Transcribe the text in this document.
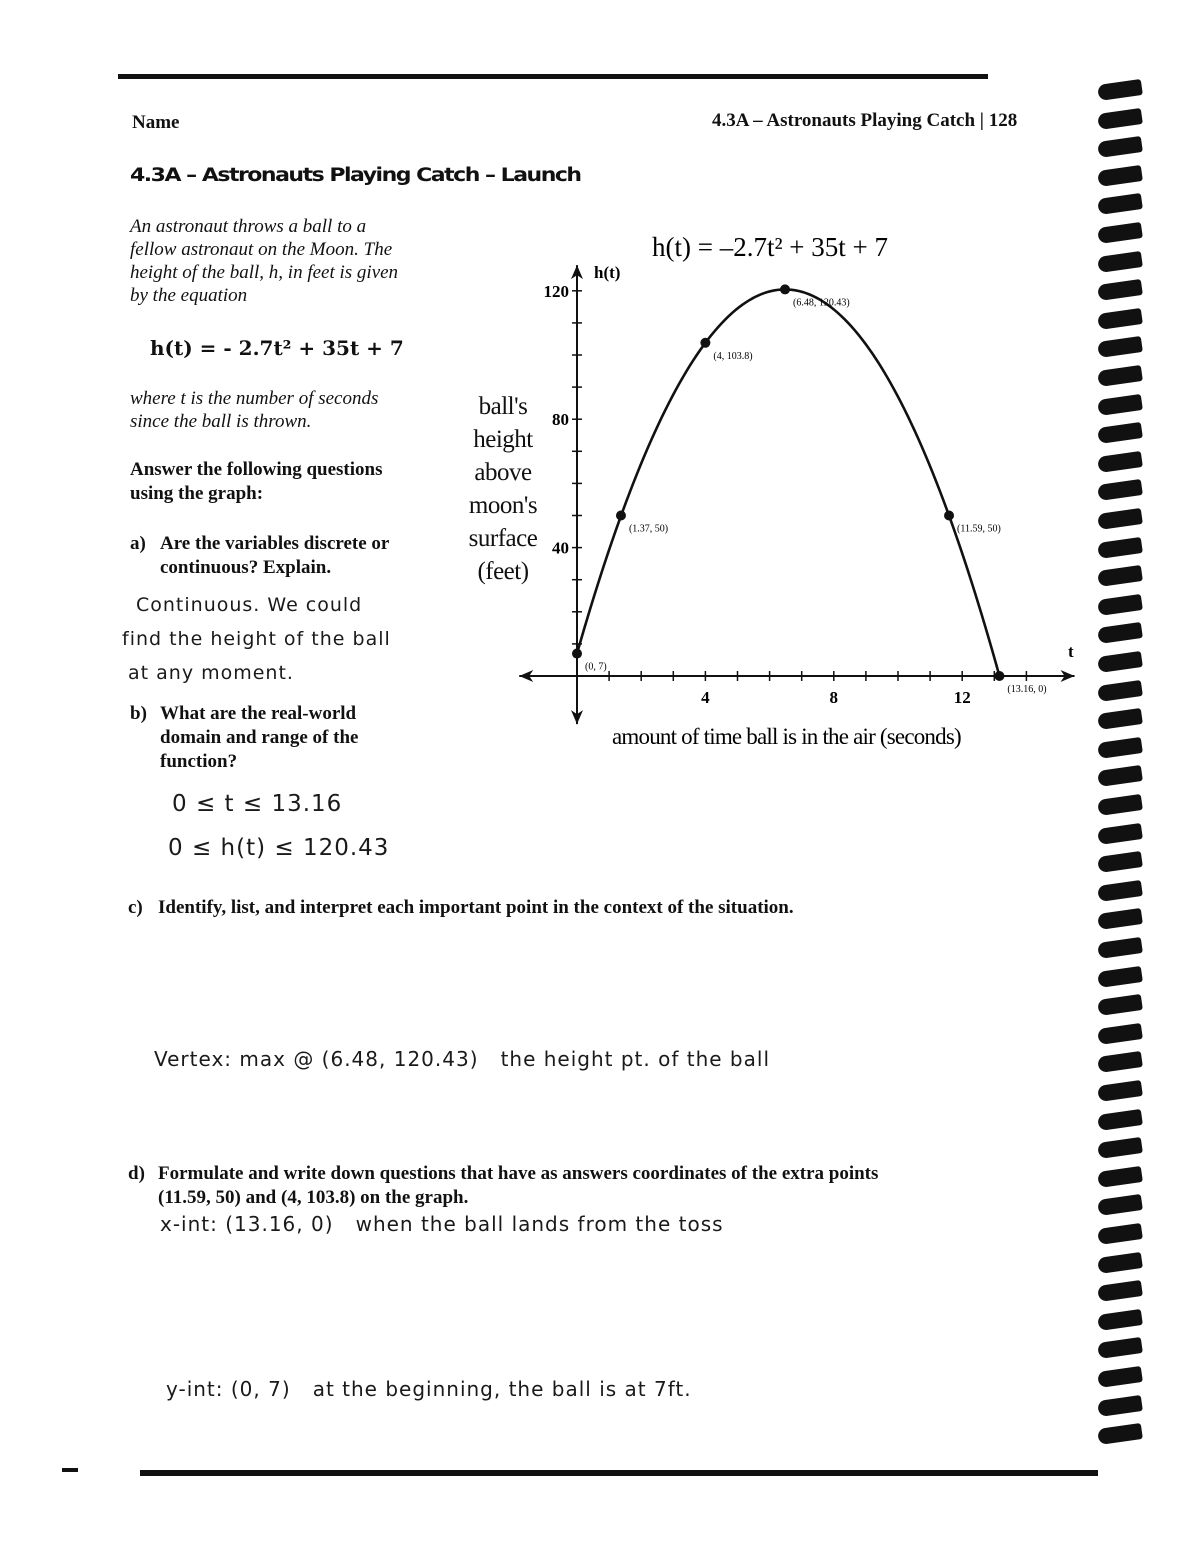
Name	4.3A – Astronauts Playing Catch | 128
4.3A – Astronauts Playing Catch – Launch
An astronaut throws a ball to a
fellow astronaut on the Moon. The
height of the ball, h, in feet is given
by the equation
h(t) = - 2.7t² + 35t + 7
where t is the number of seconds
since the ball is thrown.
Answer the following questions
using the graph:
a) Are the variables discrete or
continuous? Explain.
Continuous. We could
find the height of the ball
at any moment.
b) What are the real-world
domain and range of the
function?
0 ≤ t ≤ 13.16
0 ≤ h(t) ≤ 120.43
c) Identify, list, and interpret each important point in the context of the situation.

Vertex: max @ (6.48, 120.43)   the height pt. of the ball

x-int: (13.16, 0)   when the ball lands from the toss

y-int: (0, 7)   at the beginning, the ball is at 7ft.

d) Formulate and write down questions that have as answers coordinates of the extra points
(11.59, 50) and (4, 103.8) on the graph.
ball's
height
above
moon's
surface
(feet)
h(t) = –2.7t² + 35t + 7
amount of time ball is in the air (seconds)
h(t)
t
4	8	12
40
80
120
(0, 7)
(1.37, 50)
(4, 103.8)
(6.48, 120.43)
(11.59, 50)
(13.16, 0)
